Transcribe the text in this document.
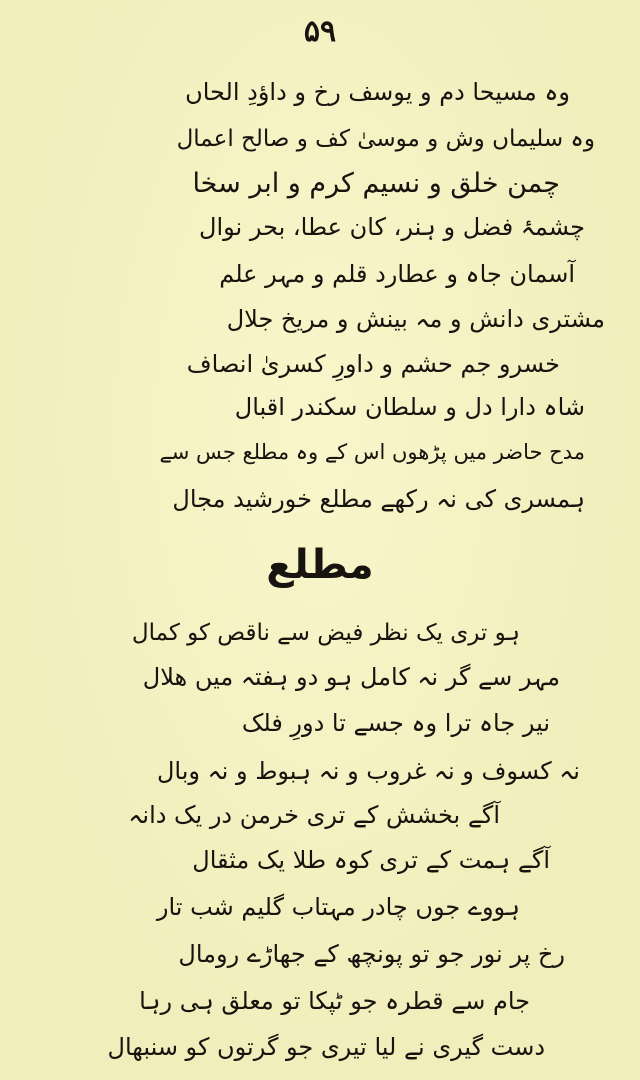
۵۹
وہ مسیحا دم و یوسف رخ و داؤدِ الحاں
وہ سلیماں وش و موسیٰ کف و صالح اعمال
چمن خلق و نسیم کرم و ابر سخا
چشمۂ فضل و ہنر، کان عطا، بحر نوال
آسمان جاہ و عطارد قلم و مہر علم
مشتری دانش و مہ بینش و مریخ جلال
خسرو جم حشم و داورِ کسریٰ انصاف
شاہ دارا دل و سلطان سکندر اقبال
مدح حاضر میں پڑھوں اس کے وہ مطلع جس سے
ہمسری کی نہ رکھے مطلع خورشید مجال
مطلع
ہو تری یک نظر فیض سے ناقص کو کمال
مہر سے گر نہ کامل ہو دو ہفتہ میں ھلال
نیر جاہ ترا وہ جسے تا دورِ فلک
نہ کسوف و نہ غروب و نہ ہبوط و نہ وبال
آگے بخشش کے تری خرمن در یک دانہ
آگے ہمت کے تری کوہ طلا یک مثقال
ہووے جوں چادر مہتاب گلیم شب تار
رخ پر نور جو تو پونچھ کے جھاڑے رومال
جام سے قطرہ جو ٹپکا تو معلق ہی رہا
دست گیری نے لیا تیری جو گرتوں کو سنبھال
